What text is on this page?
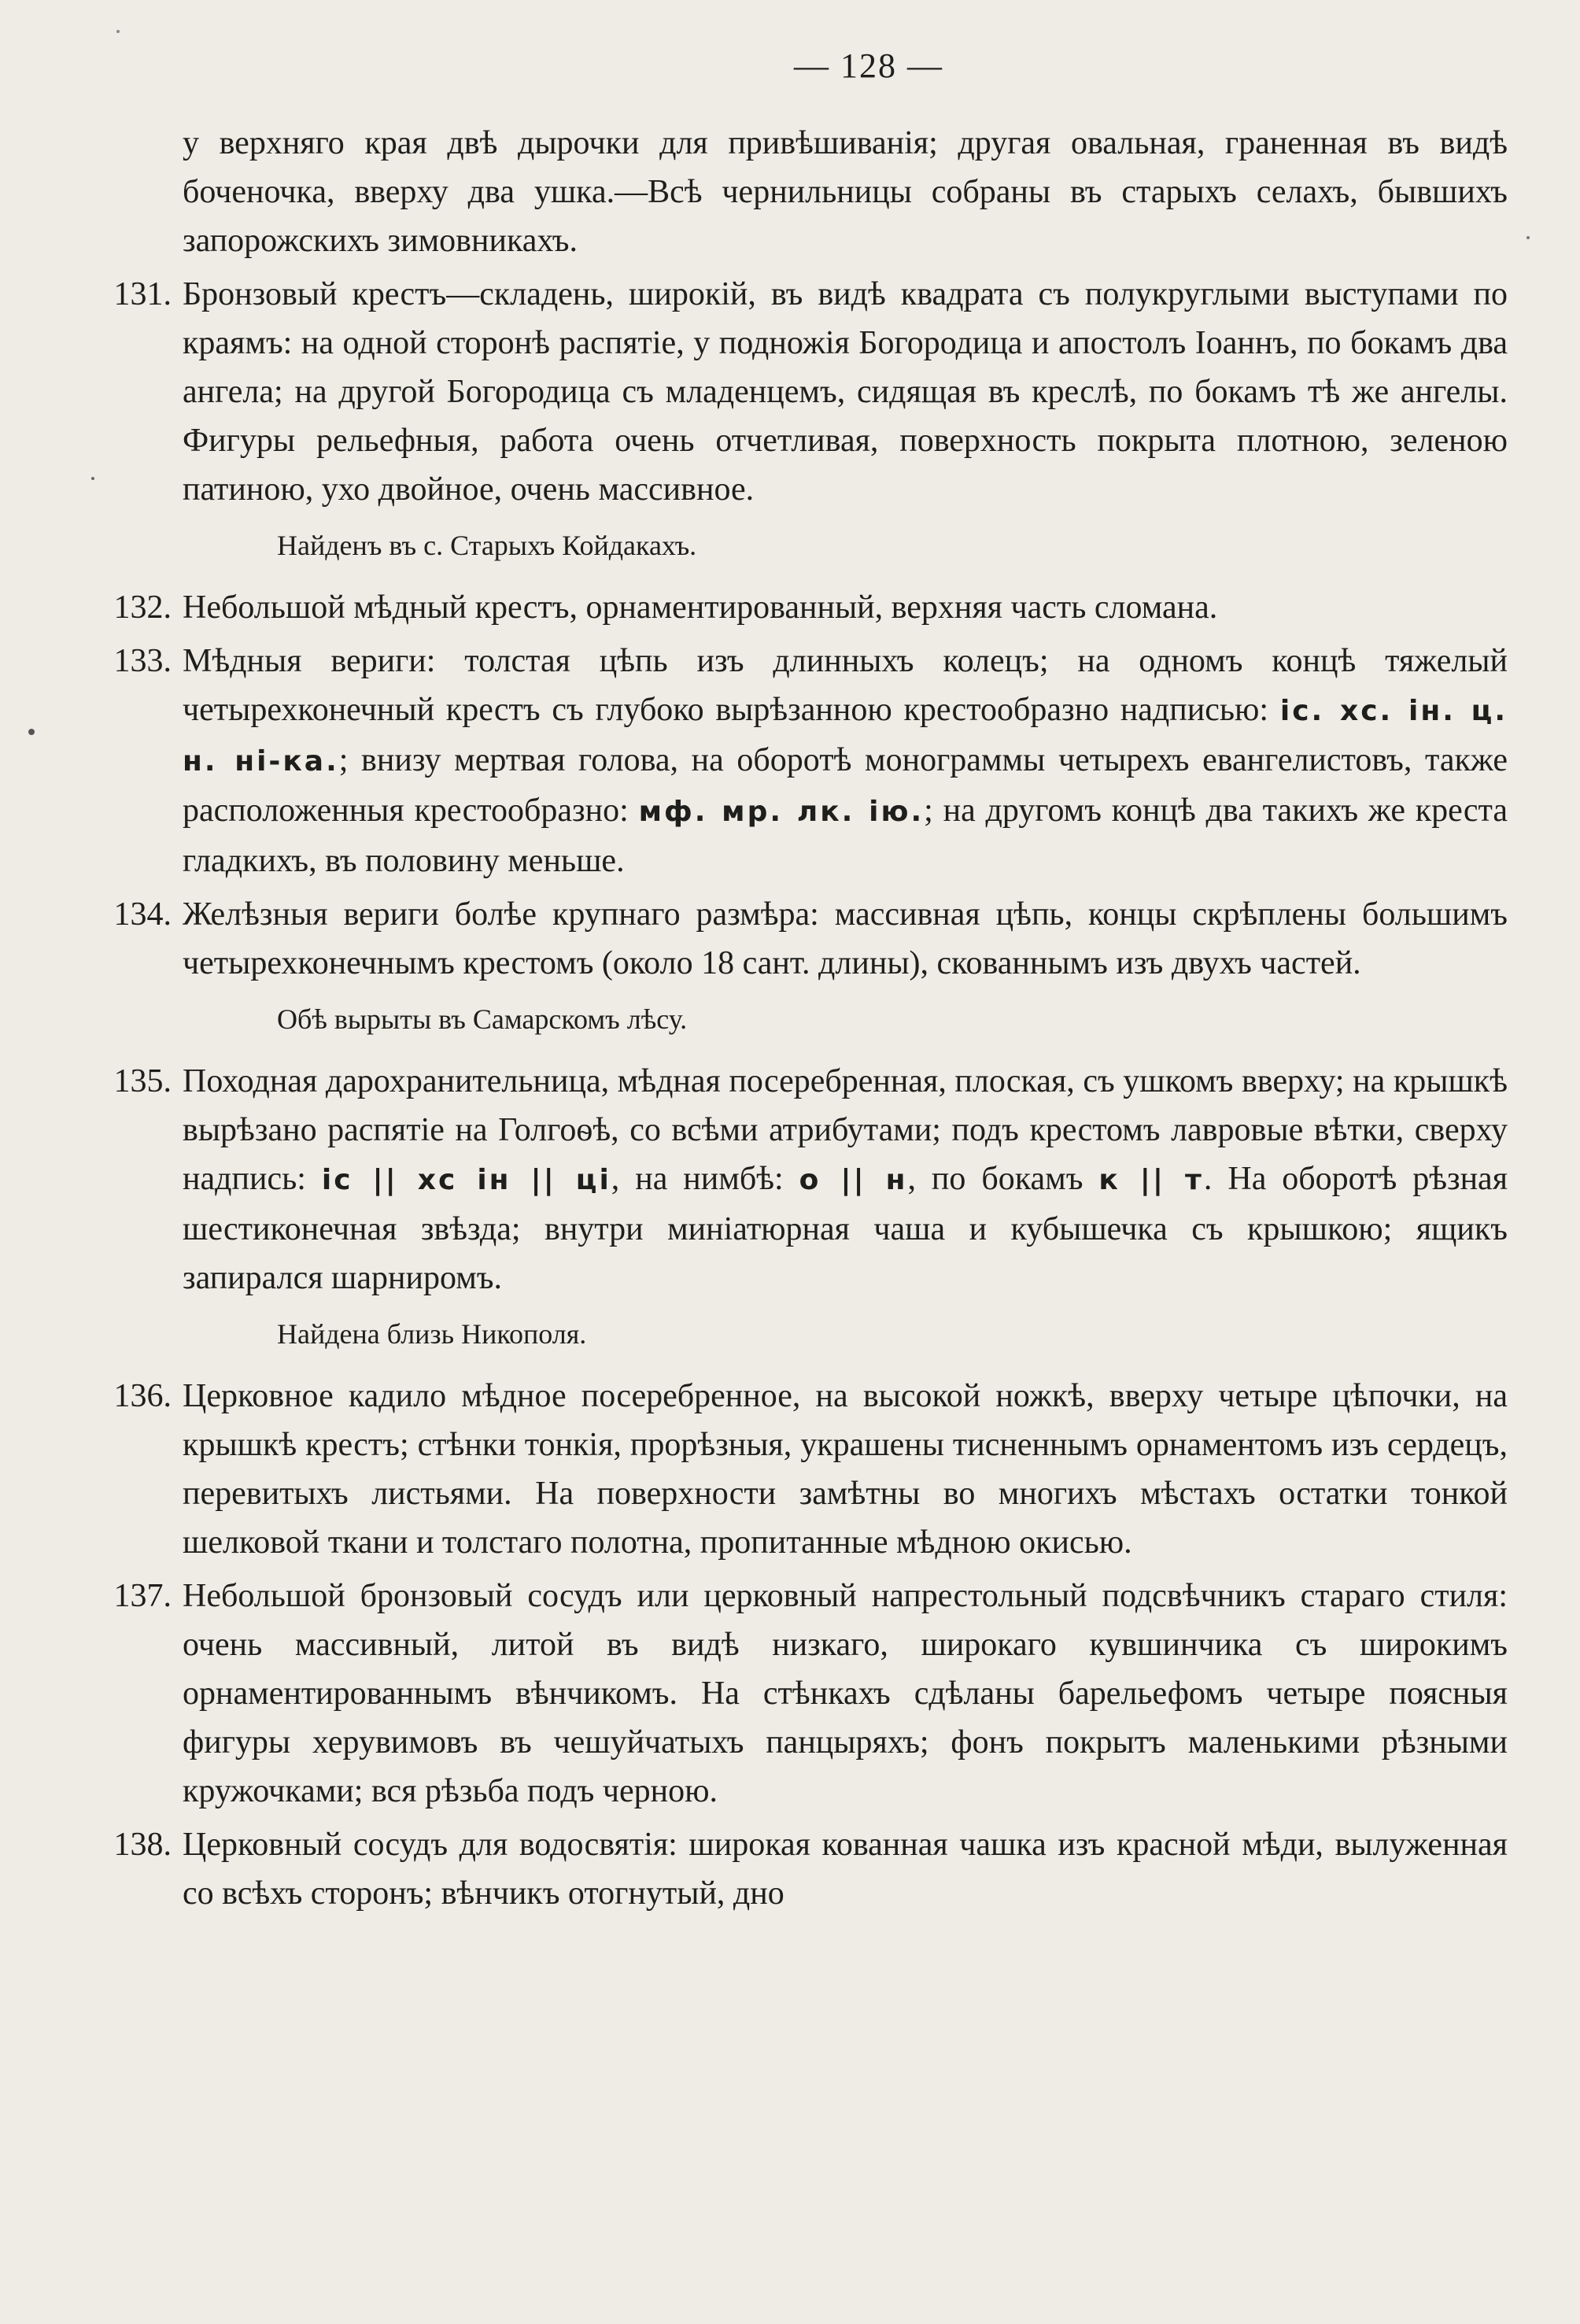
— 128 —

у верхняго края двѣ дырочки для привѣшиванія; другая овальная, граненная въ видѣ боченочка, вверху два ушка.—Всѣ чернильницы собраны въ старыхъ селахъ, бывшихъ запорожскихъ зимовникахъ.

131. Бронзовый крестъ—складень, широкій, въ видѣ квадрата съ полукруглыми выступами по краямъ: на одной сторонѣ распятіе, у подножія Богородица и апостолъ Іоаннъ, по бокамъ два ангела; на другой Богородица съ младенцемъ, сидящая въ креслѣ, по бокамъ тѣ же ангелы. Фигуры рельефныя, работа очень отчетливая, поверхность покрыта плотною, зеленою патиною, ухо двойное, очень массивное.

Найденъ въ с. Старыхъ Койдакахъ.
132. Небольшой мѣдный крестъ, орнаментированный, верхняя часть сломана.

133. Мѣдныя вериги: толстая цѣпь изъ длинныхъ колецъ; на одномъ концѣ тяжелый четырехконечный крестъ съ глубоко вырѣзанною крестообразно надписью: іс. хс. ін. ц. н. ні-ка.; внизу мертвая голова, на оборотѣ монограммы четырехъ евангелистовъ, также расположенныя крестообразно: мф. мр. лк. ію.; на другомъ концѣ два такихъ же креста гладкихъ, въ половину меньше.

134. Желѣзныя вериги болѣе крупнаго размѣра: массивная цѣпь, концы скрѣплены большимъ четырехконечнымъ крестомъ (около 18 сант. длины), скованнымъ изъ двухъ частей.

Обѣ вырыты въ Самарскомъ лѣсу.
135. Походная дарохранительница, мѣдная посеребренная, плоская, съ ушкомъ вверху; на крышкѣ вырѣзано распятіе на Голгоѳѣ, со всѣми атрибутами; подъ крестомъ лавровые вѣтки, сверху надпись: іс || хс ін || ці, на нимбѣ: о || н, по бокамъ к || т. На оборотѣ рѣзная шестиконечная звѣзда; внутри миніатюрная чаша и кубышечка съ крышкою; ящикъ запирался шарниромъ.

Найдена близь Никополя.
136. Церковное кадило мѣдное посеребренное, на высокой ножкѣ, вверху четыре цѣпочки, на крышкѣ крестъ; стѣнки тонкія, прорѣзныя, украшены тисненнымъ орнаментомъ изъ сердецъ, перевитыхъ листьями. На поверхности замѣтны во многихъ мѣстахъ остатки тонкой шелковой ткани и толстаго полотна, пропитанные мѣдною окисью.

137. Небольшой бронзовый сосудъ или церковный напрестольный подсвѣчникъ стараго стиля: очень массивный, литой въ видѣ низкаго, широкаго кувшинчика съ широкимъ орнаментированнымъ вѣнчикомъ. На стѣнкахъ сдѣланы барельефомъ четыре поясныя фигуры херувимовъ въ чешуйчатыхъ панцыряхъ; фонъ покрытъ маленькими рѣзными кружочками; вся рѣзьба подъ черною.

138. Церковный сосудъ для водосвятія: широкая кованная чашка изъ красной мѣди, вылуженная со всѣхъ сторонъ; вѣнчикъ отогнутый, дно
